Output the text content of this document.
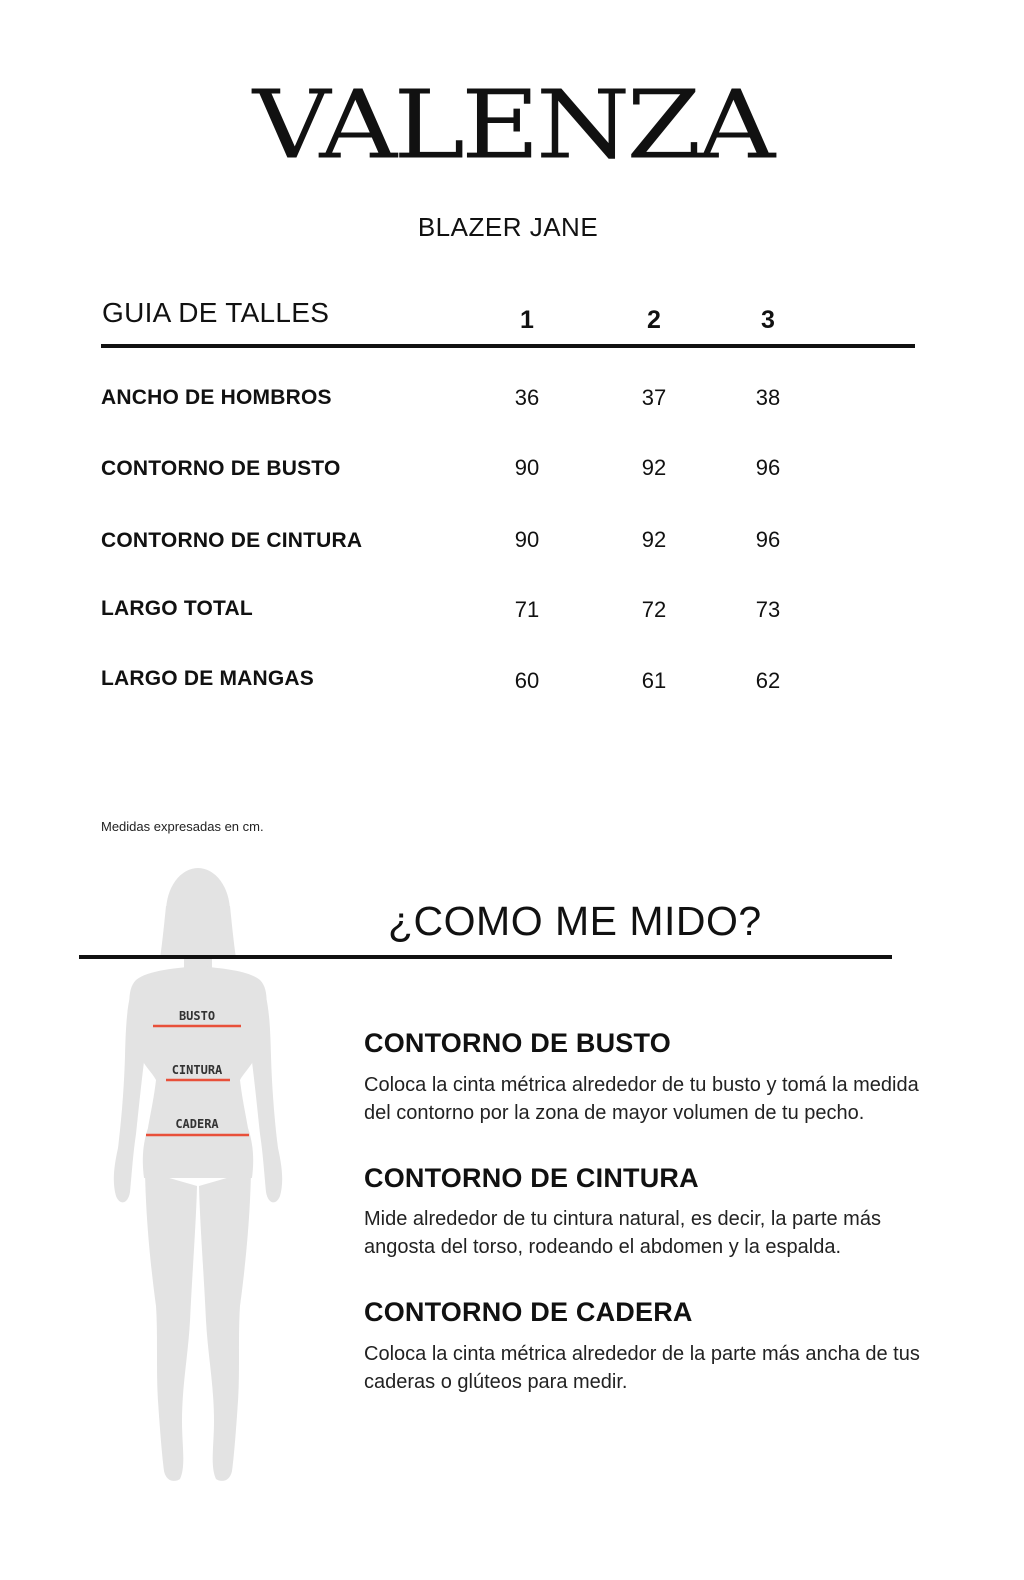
VALENZA
BLAZER JANE
GUIA DE TALLES	1	2	3
ANCHO DE HOMBROS	36	37	38
CONTORNO DE BUSTO	90	92	96
CONTORNO DE CINTURA	90	92	96
LARGO TOTAL	71	72	73
LARGO DE MANGAS	60	61	62
Medidas expresadas en cm.
BUSTO
CINTURA
CADERA
¿COMO ME MIDO?
CONTORNO DE BUSTO
Coloca la cinta métrica alrededor de tu busto y tomá la medida
del contorno por la zona de mayor volumen de tu pecho.
CONTORNO DE CINTURA
Mide alrededor de tu cintura natural, es decir, la parte más
angosta del torso, rodeando el abdomen y la espalda.
CONTORNO DE CADERA
Coloca la cinta métrica alrededor de la parte más ancha de tus
caderas o glúteos para medir.
